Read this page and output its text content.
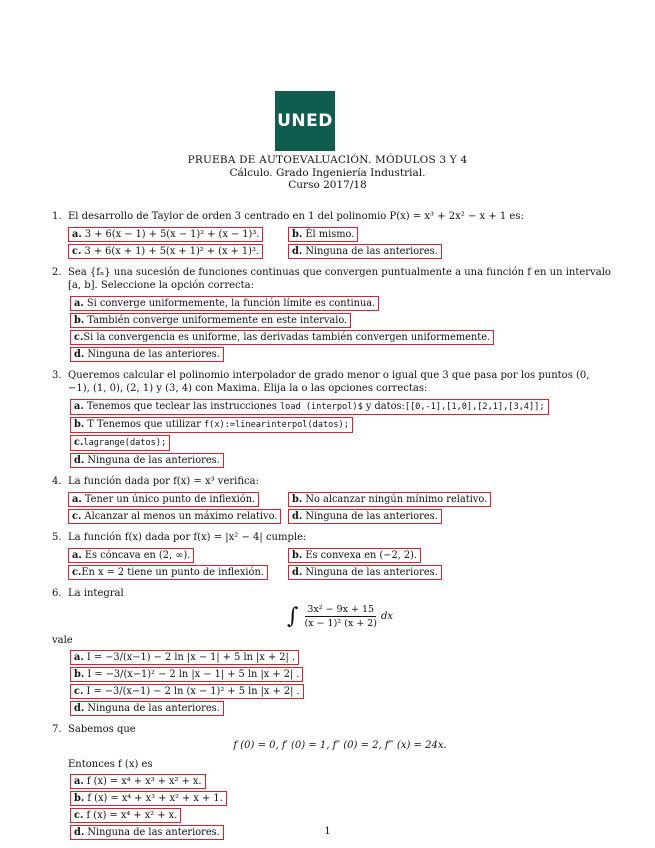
UNED
PRUEBA DE AUTOEVALUACIÓN. MÓDULOS 3 Y 4
Cálculo. Grado Ingeniería Industrial.
Curso 2017/18
1. El desarrollo de Taylor de orden 3 centrado en 1 del polinomio P(x) = x³ + 2x² − x + 1 es:
a. 3 + 6(x − 1) + 5(x − 1)² + (x − 1)³.	b. Él mismo.
c. 3 + 6(x + 1) + 5(x + 1)² + (x + 1)³.	d. Ninguna de las anteriores.
2. Sea {fₙ} una sucesión de funciones continuas que convergen puntualmente a una función f en un intervalo [a, b]. Seleccione la opción correcta:
a. Si converge uniformemente, la función límite es continua.
b. También converge uniformemente en este intervalo.
c.Si la convergencia es uniforme, las derivadas también convergen uniformemente.
d. Ninguna de las anteriores.
3. Queremos calcular el polinomio interpolador de grado menor o igual que 3 que pasa por los puntos (0, −1), (1, 0), (2, 1) y (3, 4) con Maxima. Elija la o las opciones correctas:
a. Tenemos que teclear las instrucciones load (interpol)$ y datos:[[0,-1],[1,0],[2,1],[3,4]];
b. T Tenemos que utilizar f(x):=linearinterpol(datos);
c.lagrange(datos);
d. Ninguna de las anteriores.
4. La función dada por f(x) = x³ verifica:
a. Tener un único punto de inflexión.	b. No alcanzar ningún mínimo relativo.
c. Alcanzar al menos un máximo relativo.	d. Ninguna de las anteriores.
5. La función f(x) dada por f(x) = |x² − 4| cumple:
a. Es cóncava en (2, ∞).	b. Es convexa en (−2, 2).
c.En x = 2 tiene un punto de inflexión.	d. Ninguna de las anteriores.
6. La integral
∫ $\frac{\text{3x² − 9x + 15}}{\text{(x − 1)² (x + 2)}}$ dx
vale
a. I = −3/(x−1) − 2 ln |x − 1| + 5 ln |x + 2| .
b. I = −3/(x−1)² − 2 ln |x − 1| + 5 ln |x + 2| .
c. I = −3/(x−1) − 2 ln (x − 1)² + 5 ln |x + 2| .
d. Ninguna de las anteriores.
7. Sabemos que
f (0) = 0, f′ (0) = 1, f″ (0) = 2, f‴ (x) = 24x.
Entonces f (x) es
a. f (x) = x⁴ + x³ + x² + x.
b. f (x) = x⁴ + x³ + x² + x + 1.
c. f (x) = x⁴ + x² + x.
d. Ninguna de las anteriores.	1
